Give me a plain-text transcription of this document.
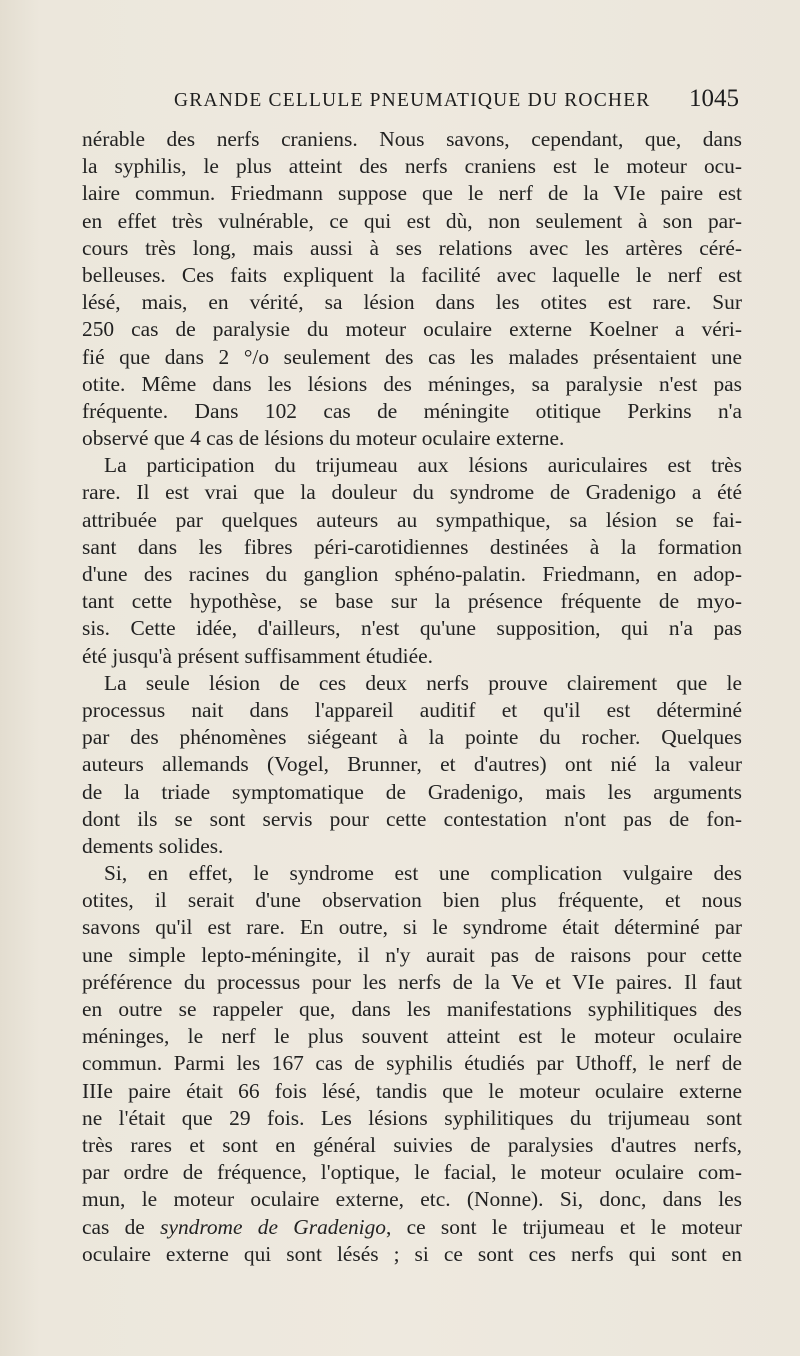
GRANDE CELLULE PNEUMATIQUE DU ROCHER 1045
nérable des nerfs craniens. Nous savons, cependant, que, dans
la syphilis, le plus atteint des nerfs craniens est le moteur ocu-
laire commun. Friedmann suppose que le nerf de la VIe paire est
en effet très vulnérable, ce qui est dù, non seulement à son par-
cours très long, mais aussi à ses relations avec les artères céré-
belleuses. Ces faits expliquent la facilité avec laquelle le nerf est
lésé, mais, en vérité, sa lésion dans les otites est rare. Sur
250 cas de paralysie du moteur oculaire externe Koelner a véri-
fié que dans 2 °/o seulement des cas les malades présentaient une
otite. Même dans les lésions des méninges, sa paralysie n'est pas
fréquente. Dans 102 cas de méningite otitique Perkins n'a
observé que 4 cas de lésions du moteur oculaire externe.
La participation du trijumeau aux lésions auriculaires est très
rare. Il est vrai que la douleur du syndrome de Gradenigo a été
attribuée par quelques auteurs au sympathique, sa lésion se fai-
sant dans les fibres péri-carotidiennes destinées à la formation
d'une des racines du ganglion sphéno-palatin. Friedmann, en adop-
tant cette hypothèse, se base sur la présence fréquente de myo-
sis. Cette idée, d'ailleurs, n'est qu'une supposition, qui n'a pas
été jusqu'à présent suffisamment étudiée.
La seule lésion de ces deux nerfs prouve clairement que le
processus nait dans l'appareil auditif et qu'il est déterminé
par des phénomènes siégeant à la pointe du rocher. Quelques
auteurs allemands (Vogel, Brunner, et d'autres) ont nié la valeur
de la triade symptomatique de Gradenigo, mais les arguments
dont ils se sont servis pour cette contestation n'ont pas de fon-
dements solides.
Si, en effet, le syndrome est une complication vulgaire des
otites, il serait d'une observation bien plus fréquente, et nous
savons qu'il est rare. En outre, si le syndrome était déterminé par
une simple lepto-méningite, il n'y aurait pas de raisons pour cette
préférence du processus pour les nerfs de la Ve et VIe paires. Il faut
en outre se rappeler que, dans les manifestations syphilitiques des
méninges, le nerf le plus souvent atteint est le moteur oculaire
commun. Parmi les 167 cas de syphilis étudiés par Uthoff, le nerf de
IIIe paire était 66 fois lésé, tandis que le moteur oculaire externe
ne l'était que 29 fois. Les lésions syphilitiques du trijumeau sont
très rares et sont en général suivies de paralysies d'autres nerfs,
par ordre de fréquence, l'optique, le facial, le moteur oculaire com-
mun, le moteur oculaire externe, etc. (Nonne). Si, donc, dans les
cas de syndrome de Gradenigo, ce sont le trijumeau et le moteur
oculaire externe qui sont lésés ; si ce sont ces nerfs qui sont en
